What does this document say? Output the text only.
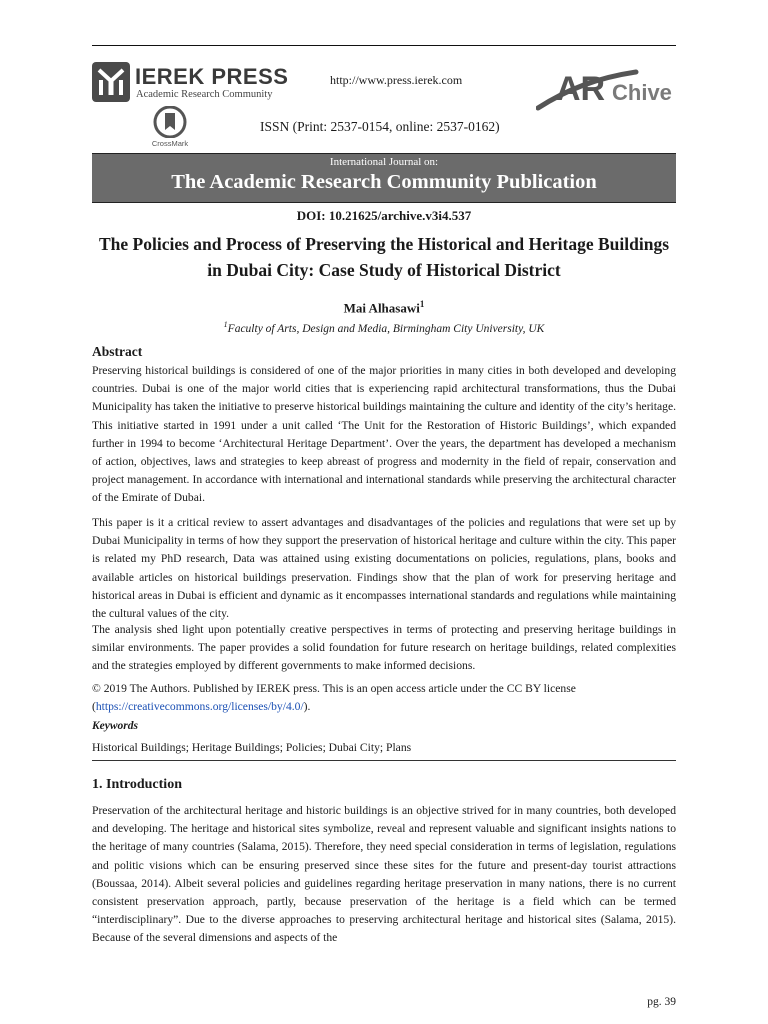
IEREK PRESS
Academic Research Community
CrossMark
http://www.press.ierek.com
ISSN (Print: 2537-0154, online: 2537-0162)
AR Chive
International Journal on:
The Academic Research Community Publication
DOI: 10.21625/archive.v3i4.537
The Policies and Process of Preserving the Historical and Heritage Buildings in Dubai City: Case Study of Historical District
Mai Alhasawi$^1$
$^1$Faculty of Arts, Design and Media, Birmingham City University, UK
Abstract

Preserving historical buildings is considered of one of the major priorities in many cities in both developed and developing countries. Dubai is one of the major world cities that is experiencing rapid architectural transformations, thus the Dubai Municipality has taken the initiative to preserve historical buildings maintaining the culture and identity of the city’s heritage. This initiative started in 1991 under a unit called ‘The Unit for the Restoration of Historic Buildings’, which expanded further in 1994 to become ‘Architectural Heritage Department’. Over the years, the department has developed a mechanism of action, objectives, laws and strategies to keep abreast of progress and modernity in the field of repair, conservation and project management. In accordance with international and international standards while preserving the architectural character of the Emirate of Dubai.

This paper is it a critical review to assert advantages and disadvantages of the policies and regulations that were set up by Dubai Municipality in terms of how they support the preservation of historical heritage and culture within the city. This paper is related my PhD research, Data was attained using existing documentations on policies, regulations, plans, books and available articles on historical buildings preservation. Findings show that the plan of work for preserving heritage and historical areas in Dubai is efficient and dynamic as it encompasses international standards and regulations while maintaining the cultural values of the city.

The analysis shed light upon potentially creative perspectives in terms of protecting and preserving heritage buildings in similar environments. The paper provides a solid foundation for future research on heritage buildings, related complexities and the strategies employed by different governments to make informed decisions.

© 2019 The Authors. Published by IEREK press. This is an open access article under the CC BY license (https://creativecommons.org/licenses/by/4.0/).

Keywords
Historical Buildings; Heritage Buildings; Policies; Dubai City; Plans
1. Introduction

Preservation of the architectural heritage and historic buildings is an objective strived for in many countries, both developed and developing. The heritage and historical sites symbolize, reveal and represent valuable and significant insights nations to the heritage of many countries (Salama, 2015). Therefore, they need special consideration in terms of legislation, regulations and politic visions which can be ensuring preserved since these sites for the future and present-day tourist attractions (Boussaa, 2014). Albeit several policies and guidelines regarding heritage preservation in many nations, there is no current consistent preservation approach, partly, because preservation of the heritage is a field which can be termed “interdisciplinary”. Due to the diverse approaches to preserving architectural heritage and historical sites (Salama, 2015). Because of the several dimensions and aspects of the

pg. 39
